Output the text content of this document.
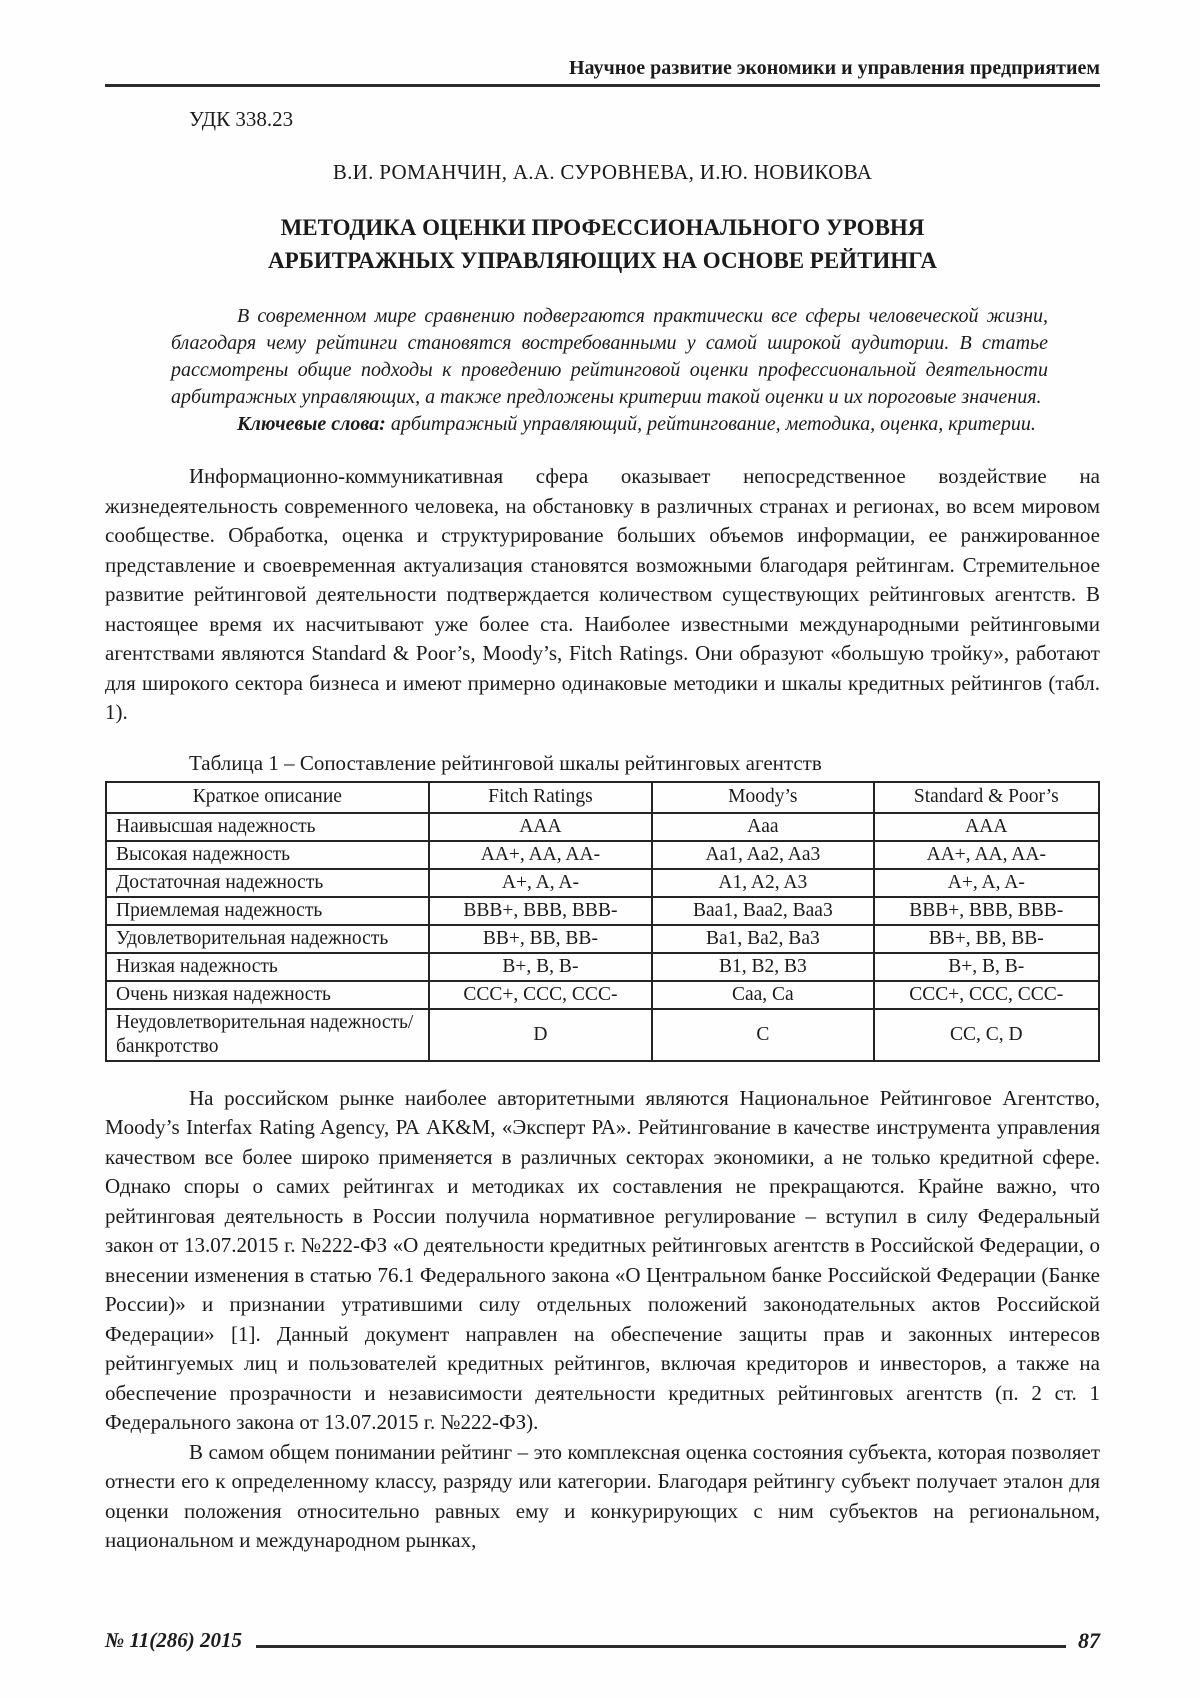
Научное развитие экономики и управления предприятием

УДК 338.23

В.И. РОМАНЧИН, А.А. СУРОВНЕВА, И.Ю. НОВИКОВА

МЕТОДИКА ОЦЕНКИ ПРОФЕССИОНАЛЬНОГО УРОВНЯ
АРБИТРАЖНЫХ УПРАВЛЯЮЩИХ НА ОСНОВЕ РЕЙТИНГА

В современном мире сравнению подвергаются практически все сферы человеческой жизни, благодаря чему рейтинги становятся востребованными у самой широкой аудитории. В статье рассмотрены общие подходы к проведению рейтинговой оценки профессиональной деятельности арбитражных управляющих, а также предложены критерии такой оценки и их пороговые значения.

Ключевые слова: арбитражный управляющий, рейтингование, методика, оценка, критерии.

Информационно-коммуникативная сфера оказывает непосредственное воздействие на жизнедеятельность современного человека, на обстановку в различных странах и регионах, во всем мировом сообществе. Обработка, оценка и структурирование больших объемов информации, ее ранжированное представление и своевременная актуализация становятся возможными благодаря рейтингам. Стремительное развитие рейтинговой деятельности подтверждается количеством существующих рейтинговых агентств. В настоящее время их насчитывают уже более ста. Наиболее известными международными рейтинговыми агентствами являются Standard & Poor’s, Moody’s, Fitch Ratings. Они образуют «большую тройку», работают для широкого сектора бизнеса и имеют примерно одинаковые методики и шкалы кредитных рейтингов (табл. 1).

Таблица 1 – Сопоставление рейтинговой шкалы рейтинговых агентств

Краткое описание	Fitch Ratings	Moody’s	Standard & Poor’s
Наивысшая надежность	AAA	Aaa	AAA
Высокая надежность	AA+, AA, AA-	Aa1, Aa2, Aa3	AA+, AA, AA-
Достаточная надежность	A+, A, A-	A1, A2, A3	A+, A, A-
Приемлемая надежность	BBB+, BBB, BBB-	Baa1, Baa2, Baa3	BBB+, BBB, BBB-
Удовлетворительная надежность	BB+, BB, BB-	Ba1, Ba2, Ba3	BB+, BB, BB-
Низкая надежность	B+, B, B-	B1, B2, B3	B+, B, B-
Очень низкая надежность	CCC+, CCC, CCC-	Caa, Ca	CCC+, CCC, CCC-
Неудовлетворительная надежность/банкротство	D	C	CC, C, D

На российском рынке наиболее авторитетными являются Национальное Рейтинговое Агентство, Moody’s Interfax Rating Agency, РА АК&М, «Эксперт РА». Рейтингование в качестве инструмента управления качеством все более широко применяется в различных секторах экономики, а не только кредитной сфере. Однако споры о самих рейтингах и методиках их составления не прекращаются. Крайне важно, что рейтинговая деятельность в России получила нормативное регулирование – вступил в силу Федеральный закон от 13.07.2015 г. №222-ФЗ «О деятельности кредитных рейтинговых агентств в Российской Федерации, о внесении изменения в статью 76.1 Федерального закона «О Центральном банке Российской Федерации (Банке России)» и признании утратившими силу отдельных положений законодательных актов Российской Федерации» [1]. Данный документ направлен на обеспечение защиты прав и законных интересов рейтингуемых лиц и пользователей кредитных рейтингов, включая кредиторов и инвесторов, а также на обеспечение прозрачности и независимости деятельности кредитных рейтинговых агентств (п. 2 ст. 1 Федерального закона от 13.07.2015 г. №222-ФЗ).

В самом общем понимании рейтинг – это комплексная оценка состояния субъекта, которая позволяет отнести его к определенному классу, разряду или категории. Благодаря рейтингу субъект получает эталон для оценки положения относительно равных ему и конкурирующих с ним субъектов на региональном, национальном и международном рынках,

№ 11(286) 2015	87
